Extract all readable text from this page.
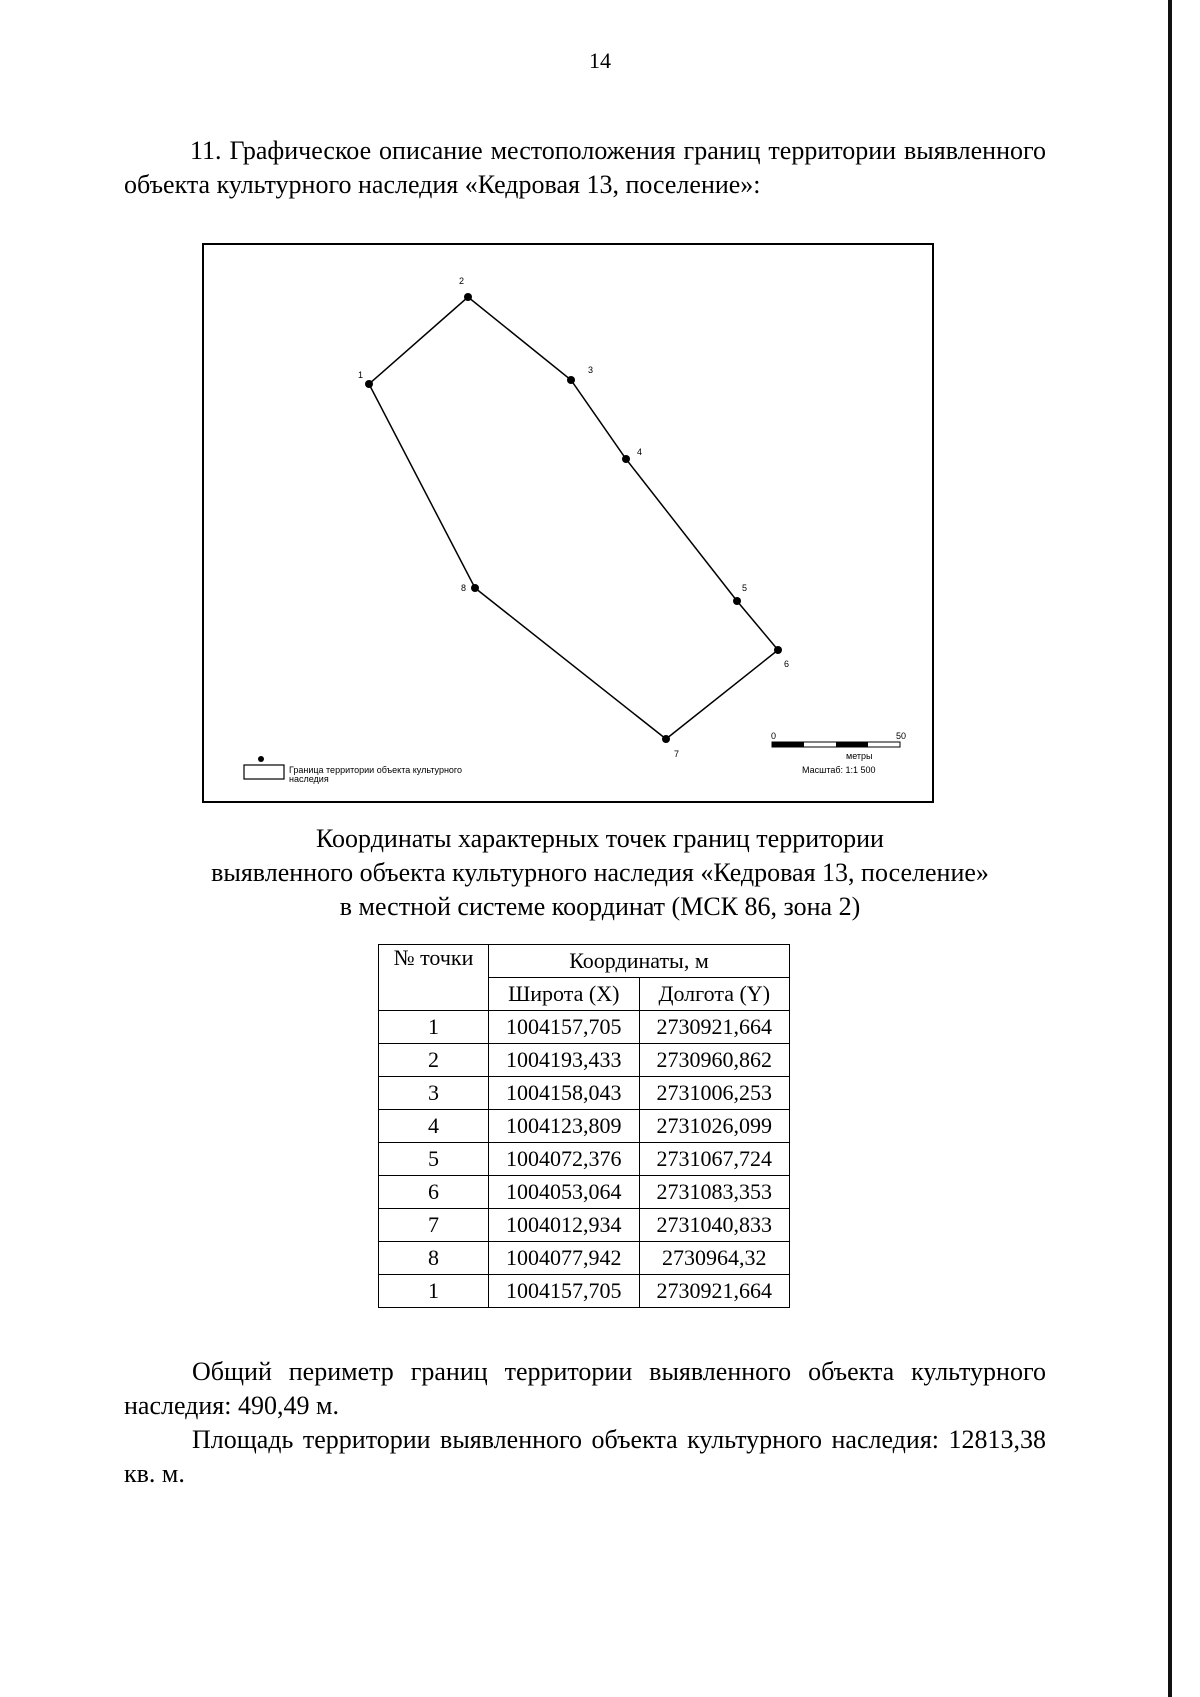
14

11. Графическое описание местоположения границ территории выявленного объекта культурного наследия «Кедровая 13, поселение»:

1
2
3
4
5
6
7
8
Граница территории объекта культурного
наследия
0	50
метры
Масштаб: 1:1 500
Координаты характерных точек границ территории
выявленного объекта культурного наследия «Кедровая 13, поселение»
в местной системе координат (МСК 86, зона 2)
№ точки	Координаты, м	
	Широта (X)	Долгота (Y)
1	1004157,705	2730921,664
2	1004193,433	2730960,862
3	1004158,043	2731006,253
4	1004123,809	2731026,099
5	1004072,376	2731067,724
6	1004053,064	2731083,353
7	1004012,934	2731040,833
8	1004077,942	2730964,32
1	1004157,705	2730921,664

Общий периметр границ территории выявленного объекта культурного наследия: 490,49 м.

Площадь территории выявленного объекта культурного наследия: 12813,38 кв. м.
